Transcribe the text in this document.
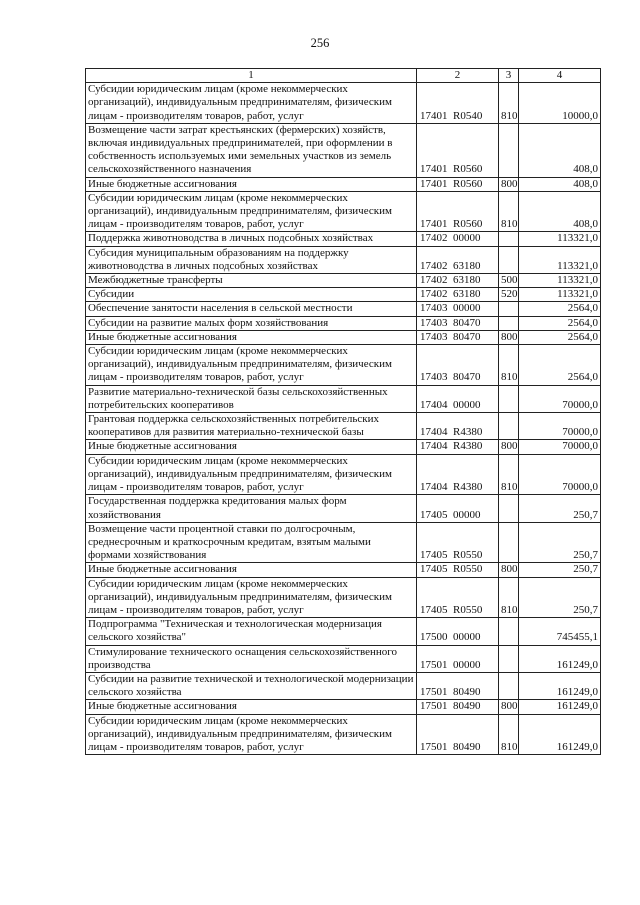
256
1	2	3	4
Субсидии юридическим лицам (кроме некоммерческих организаций), индивидуальным предпринимателям, физическим лицам - производителям товаров, работ, услуг	17401  R0540	810	10000,0
Возмещение части затрат крестьянских (фермерских) хозяйств, включая индивидуальных предпринимателей, при оформлении в собственность используемых ими земельных участков из земель сельскохозяйственного назначения	17401  R0560		408,0
Иные бюджетные ассигнования	17401  R0560	800	408,0
Субсидии юридическим лицам (кроме некоммерческих организаций), индивидуальным предпринимателям, физическим лицам - производителям товаров, работ, услуг	17401  R0560	810	408,0
Поддержка животноводства в личных подсобных хозяйствах	17402  00000		113321,0
Субсидия муниципальным образованиям на поддержку животноводства в личных подсобных хозяйствах	17402  63180		113321,0
Межбюджетные трансферты	17402  63180	500	113321,0
Субсидии	17402  63180	520	113321,0
Обеспечение занятости населения в сельской местности	17403  00000		2564,0
Субсидии на развитие малых форм хозяйствования	17403  80470		2564,0
Иные бюджетные ассигнования	17403  80470	800	2564,0
Субсидии юридическим лицам (кроме некоммерческих организаций), индивидуальным предпринимателям, физическим лицам - производителям товаров, работ, услуг	17403  80470	810	2564,0
Развитие материально-технической базы сельскохозяйственных потребительских кооперативов	17404  00000		70000,0
Грантовая поддержка сельскохозяйственных потребительских кооперативов для развития материально-технической базы	17404  R4380		70000,0
Иные бюджетные ассигнования	17404  R4380	800	70000,0
Субсидии юридическим лицам (кроме некоммерческих организаций), индивидуальным предпринимателям, физическим лицам - производителям товаров, работ, услуг	17404  R4380	810	70000,0
Государственная поддержка кредитования малых форм хозяйствования	17405  00000		250,7
Возмещение части процентной ставки по долгосрочным, среднесрочным и краткосрочным кредитам, взятым малыми формами хозяйствования	17405  R0550		250,7
Иные бюджетные ассигнования	17405  R0550	800	250,7
Субсидии юридическим лицам (кроме некоммерческих организаций), индивидуальным предпринимателям, физическим лицам - производителям товаров, работ, услуг	17405  R0550	810	250,7
Подпрограмма "Техническая и технологическая модернизация сельского хозяйства"	17500  00000		745455,1
Стимулирование технического оснащения сельскохозяйственного производства	17501  00000		161249,0
Субсидии на развитие технической и технологической модернизации сельского хозяйства	17501  80490		161249,0
Иные бюджетные ассигнования	17501  80490	800	161249,0
Субсидии юридическим лицам (кроме некоммерческих организаций), индивидуальным предпринимателям, физическим лицам - производителям товаров, работ, услуг	17501  80490	810	161249,0
